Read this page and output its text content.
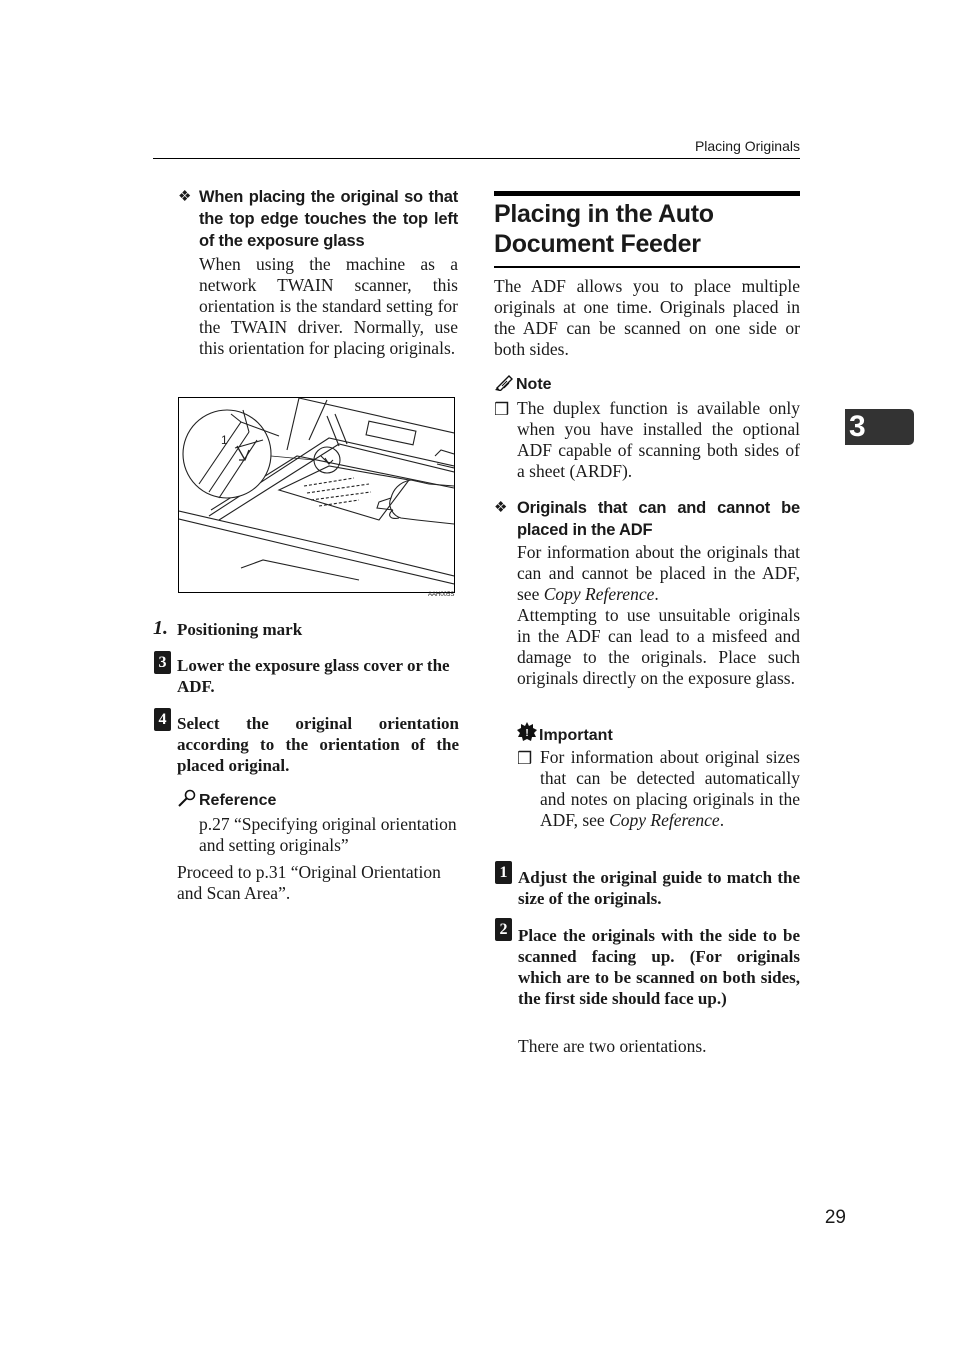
Placing Originals
3
❖ When placing the original so that the top edge touches the top left of the exposure glass
When using the machine as a network TWAIN scanner, this orientation is the standard setting for the TWAIN driver. Normally, use this orientation for placing originals.
1
AAH005S
1. Positioning mark
3 Lower the exposure glass cover or the ADF.
4 Select the original orientation according to the orientation of the placed original.
Reference
p.27 “Specifying original orientation and setting originals”
Proceed to p.31 “Original Orientation and Scan Area”.
Placing in the Auto Document Feeder
The ADF allows you to place multiple originals at one time. Originals placed in the ADF can be scanned on one side or both sides.
Note
❒ The duplex function is available only when you have installed the optional ADF capable of scanning both sides of a sheet (ARDF).
❖ Originals that can and cannot be placed in the ADF
For information about the originals that can and cannot be placed in the ADF, see Copy Reference.
Attempting to use unsuitable originals in the ADF can lead to a misfeed and damage to the originals. Place such originals directly on the exposure glass.
! Important
❒ For information about original sizes that can be detected automatically and notes on placing originals in the ADF, see Copy Reference.
1 Adjust the original guide to match the size of the originals.
2 Place the originals with the side to be scanned facing up. (For originals which are to be scanned on both sides, the first side should face up.)
There are two orientations.
29
